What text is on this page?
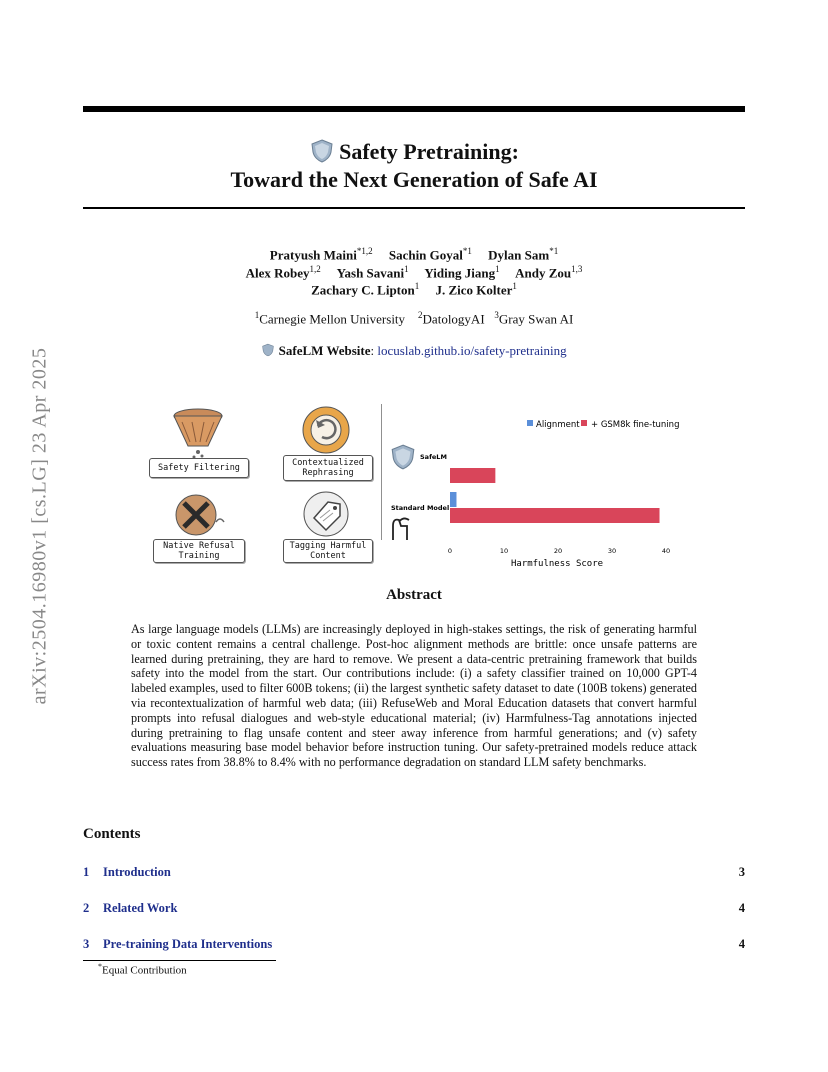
arXiv:2504.16980v1 [cs.LG] 23 Apr 2025
Safety Pretraining:
Toward the Next Generation of Safe AI
Pratyush Maini$^{*1,2}$ Sachin Goyal$^{*1}$ Dylan Sam$^{*1}$
Alex Robey$^{1,2}$ Yash Savani$^1$ Yiding Jiang$^1$ Andy Zou$^{1,3}$
Zachary C. Lipton$^1$ J. Zico Kolter$^1$
$^1$Carnegie Mellon University $^2$DatologyAI $^3$Gray Swan AI
SafeLM Website: locuslab.github.io/safety-pretraining
Safety Filtering	Contextualized
Rephrasing
Native Refusal
Training
Tagging Harmful
Content
Alignment + GSM8k fine-tuning
SafeLM
Standard Model
0	10	20	30	40
Harmfulness Score
Abstract
As large language models (LLMs) are increasingly deployed in high-stakes settings, the risk of generating harmful or toxic content remains a central challenge. Post-hoc alignment methods are brittle: once unsafe patterns are learned during pretraining, they are hard to remove. We present a data-centric pretraining framework that builds safety into the model from the start. Our contributions include: (i) a safety classifier trained on 10,000 GPT-4 labeled examples, used to filter 600B tokens; (ii) the largest synthetic safety dataset to date (100B tokens) generated via recontextualization of harmful web data; (iii) RefuseWeb and Moral Education datasets that convert harmful prompts into refusal dialogues and web-style educational material; (iv) Harmfulness-Tag annotations injected during pretraining to flag unsafe content and steer away inference from harmful generations; and (v) safety evaluations measuring base model behavior before instruction tuning. Our safety-pretrained models reduce attack success rates from 38.8% to 8.4% with no performance degradation on standard LLM safety benchmarks.
Contents
1 Introduction	3
2 Related Work	4
3 Pre-training Data Interventions	4
*Equal Contribution
